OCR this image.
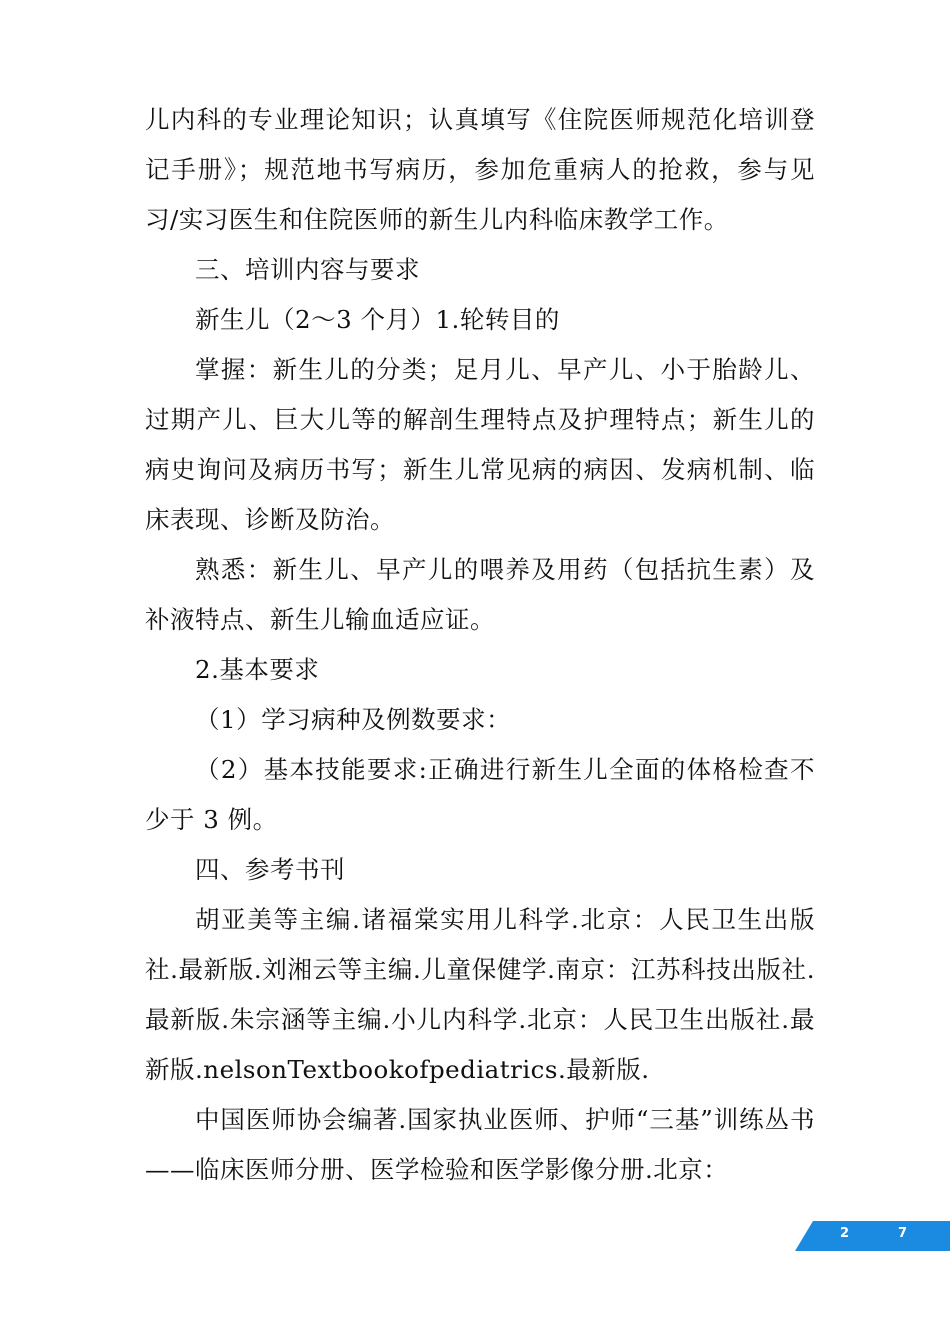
儿内科的专业理论知识；认真填写《住院医师规范化培训登记手册》；规范地书写病历，参加危重病人的抢救，参与见习/实习医生和住院医师的新生儿内科临床教学工作。

三、培训内容与要求

新生儿（2～3 个月）1.轮转目的

掌握：新生儿的分类；足月儿、早产儿、小于胎龄儿、过期产儿、巨大儿等的解剖生理特点及护理特点；新生儿的病史询问及病历书写；新生儿常见病的病因、发病机制、临床表现、诊断及防治。

熟悉：新生儿、早产儿的喂养及用药（包括抗生素）及补液特点、新生儿输血适应证。

2.基本要求

（1）学习病种及例数要求：

（2）基本技能要求:正确进行新生儿全面的体格检查不少于 3 例。

四、参考书刊

胡亚美等主编.诸福棠实用儿科学.北京：人民卫生出版社.最新版.刘湘云等主编.儿童保健学.南京：江苏科技出版社.最新版.朱宗涵等主编.小儿内科学.北京：人民卫生出版社.最新版.nelsonTextbookofpediatrics.最新版.

中国医师协会编著.国家执业医师、护师“三基”训练丛书——临床医师分册、医学检验和医学影像分册.北京：

2	7
